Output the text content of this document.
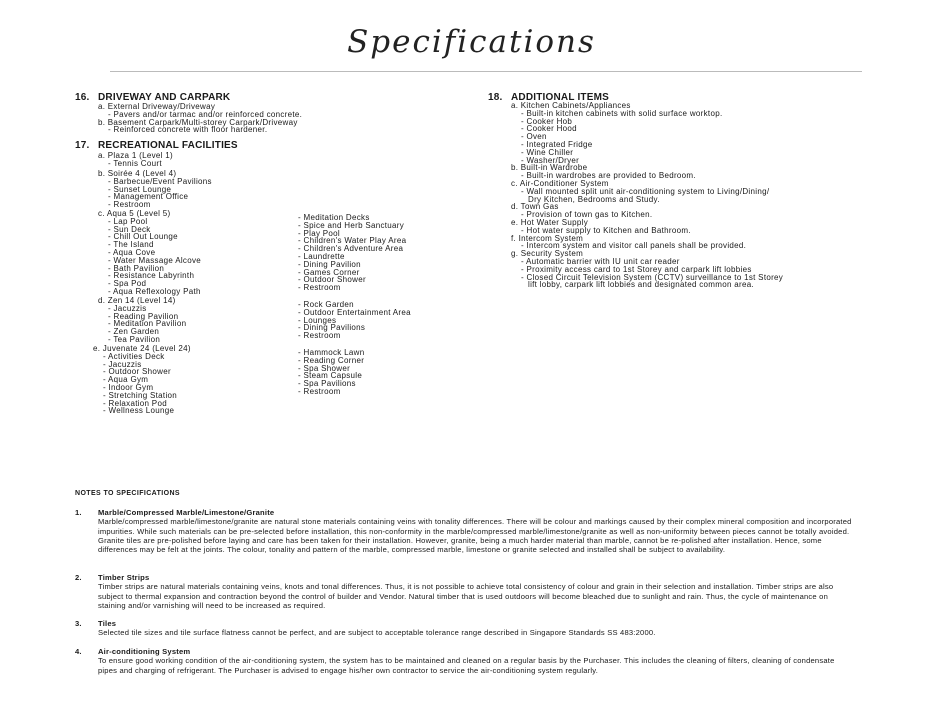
Specifications
16. DRIVEWAY AND CARPARK
a. External Driveway/Driveway
- Pavers and/or tarmac and/or reinforced concrete.
b. Basement Carpark/Multi-storey Carpark/Driveway
- Reinforced concrete with floor hardener.
17. RECREATIONAL FACILITIES
a. Plaza 1 (Level 1)
- Tennis Court
b. Soirée 4 (Level 4)
- Barbecue/Event Pavilions
- Sunset Lounge
- Management Office
- Restroom
c. Aqua 5 (Level 5)
- Lap Pool
- Sun Deck
- Chill Out Lounge
- The Island
- Aqua Cove
- Water Massage Alcove
- Bath Pavilion
- Resistance Labyrinth
- Spa Pod
- Aqua Reflexology Path
d. Zen 14 (Level 14)
- Jacuzzis
- Reading Pavilion
- Meditation Pavilion
- Zen Garden
- Tea Pavilion
e. Juvenate 24 (Level 24)
- Activities Deck
- Jacuzzis
- Outdoor Shower
- Aqua Gym
- Indoor Gym
- Stretching Station
- Relaxation Pod
- Wellness Lounge
- Meditation Decks
- Spice and Herb Sanctuary
- Play Pool
- Children's Water Play Area
- Children's Adventure Area
- Laundrette
- Dining Pavilion
- Games Corner
- Outdoor Shower
- Restroom
- Rock Garden
- Outdoor Entertainment Area
- Lounges
- Dining Pavilions
- Restroom
- Hammock Lawn
- Reading Corner
- Spa Shower
- Steam Capsule
- Spa Pavilions
- Restroom
18. ADDITIONAL ITEMS
a. Kitchen Cabinets/Appliances
- Built-in kitchen cabinets with solid surface worktop.
- Cooker Hob
- Cooker Hood
- Oven
- Integrated Fridge
- Wine Chiller
- Washer/Dryer
b. Built-in Wardrobe
- Built-in wardrobes are provided to Bedroom.
c. Air-Conditioner System
- Wall mounted split unit air-conditioning system to Living/Dining/
Dry Kitchen, Bedrooms and Study.
d. Town Gas
- Provision of town gas to Kitchen.
e. Hot Water Supply
- Hot water supply to Kitchen and Bathroom.
f. Intercom System
- Intercom system and visitor call panels shall be provided.
g. Security System
- Automatic barrier with IU unit car reader
- Proximity access card to 1st Storey and carpark lift lobbies
- Closed Circuit Television System (CCTV) surveillance to 1st Storey
lift lobby, carpark lift lobbies and designated common area.
NOTES TO SPECIFICATIONS
1. Marble/Compressed Marble/Limestone/Granite
Marble/compressed marble/limestone/granite are natural stone materials containing veins with tonality differences. There will be colour and markings caused by their complex mineral composition and incorporated impurities. While such materials can be pre-selected before installation, this non-conformity in the marble/compressed marble/limestone/granite as well as non-uniformity between pieces cannot be totally avoided. Granite tiles are pre-polished before laying and care has been taken for their installation. However, granite, being a much harder material than marble, cannot be re-polished after installation. Hence, some differences may be felt at the joints. The colour, tonality and pattern of the marble, compressed marble, limestone or granite selected and installed shall be subject to availability.
2. Timber Strips
Timber strips are natural materials containing veins, knots and tonal differences. Thus, it is not possible to achieve total consistency of colour and grain in their selection and installation. Timber strips are also subject to thermal expansion and contraction beyond the control of builder and Vendor. Natural timber that is used outdoors will become bleached due to sunlight and rain. Thus, the cycle of maintenance on staining and/or varnishing will need to be increased as required.
3. Tiles
Selected tile sizes and tile surface flatness cannot be perfect, and are subject to acceptable tolerance range described in Singapore Standards SS 483:2000.
4. Air-conditioning System
To ensure good working condition of the air-conditioning system, the system has to be maintained and cleaned on a regular basis by the Purchaser. This includes the cleaning of filters, cleaning of condensate pipes and charging of refrigerant. The Purchaser is advised to engage his/her own contractor to service the air-conditioning system regularly.
